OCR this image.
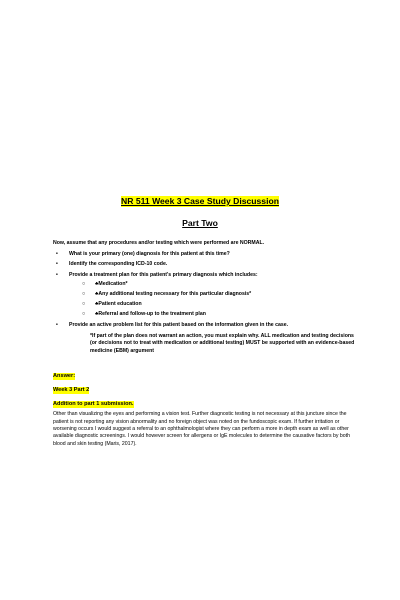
NR 511 Week 3 Case Study Discussion
Part Two

Now, assume that any procedures and/or testing which were performed are NORMAL.

• What is your primary (one) diagnosis for this patient at this time?
• Identify the corresponding ICD-10 code.
• Provide a treatment plan for this patient's primary diagnosis which includes:
○ ♣Medication*
○ ♣Any additional testing necessary for this particular diagnosis*
○ ♣Patient education
○ ♣Referral and follow-up to the treatment plan
• Provide an active problem list for this patient based on the information given in the case.

*If part of the plan does not warrant an action, you must explain why. ALL medication and testing decisions (or decisions not to treat with medication or additional testing) MUST be supported with an evidence-based medicine (EBM) argument

Answer:
Week 3 Part 2
Addition to part 1 submission.

Other than visualizing the eyes and performing a vision test. Further diagnostic testing is not necessary at this juncture since the patient is not reporting any vision abnormality and no foreign object was noted on the fundoscopic exam. If further irritation or worsening occurs I would suggest a referral to an ophthalmologist where they can perform a more in depth exam as well as other available diagnostic screenings. I would however screen for allergens or IgE molecules to determine the causative factors by both blood and skin testing (Maris, 2017).
